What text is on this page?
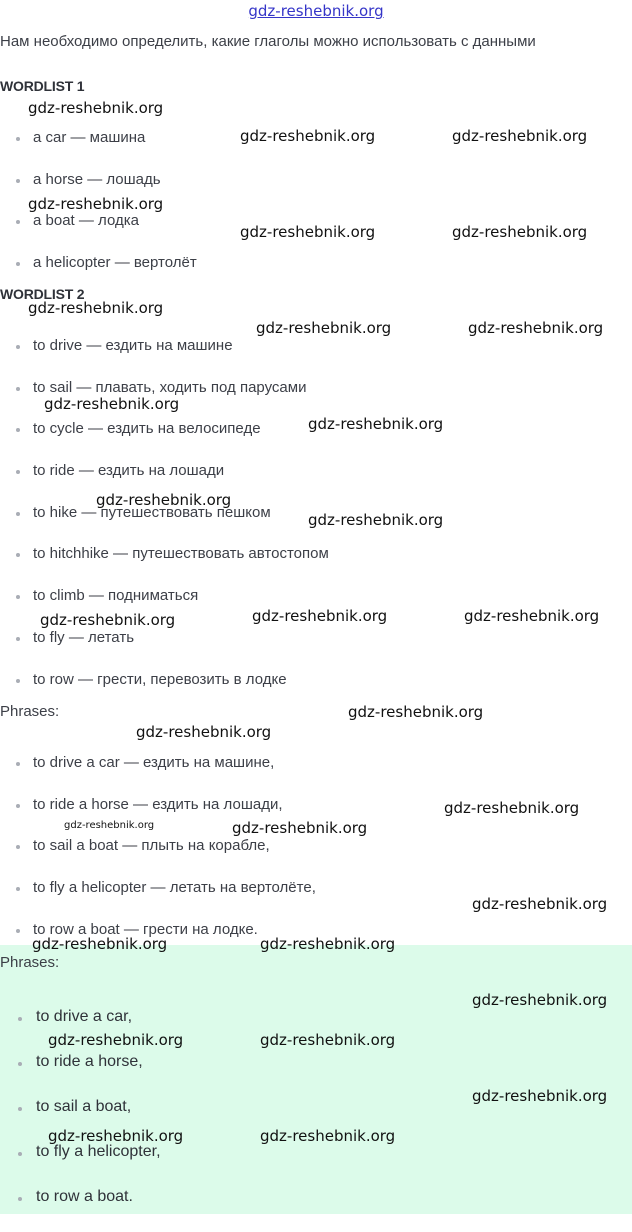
gdz-reshebnik.org
Нам необходимо определить, какие глаголы можно использовать с данными
WORDLIST 1
a car — машина
a horse — лошадь
a boat — лодка
a helicopter — вертолёт
WORDLIST 2
to drive — ездить на машине
to sail — плавать, ходить под парусами
to cycle — ездить на велосипеде
to ride — ездить на лошади
to hike — путешествовать пешком
to hitchhike — путешествовать автостопом
to climb — подниматься
to fly — летать
to row — грести, перевозить в лодке
Phrases:
to drive a car — ездить на машине,
to ride a horse — ездить на лошади,
to sail a boat — плыть на корабле,
to fly a helicopter — летать на вертолёте,
to row a boat — грести на лодке.
Phrases:
to drive a car,
to ride a horse,
to sail a boat,
to fly a helicopter,
to row a boat.
gdz-reshebnik.org
gdz-reshebnik.org	gdz-reshebnik.org
gdz-reshebnik.org
gdz-reshebnik.org	gdz-reshebnik.org
gdz-reshebnik.org
gdz-reshebnik.org	gdz-reshebnik.org
gdz-reshebnik.org
gdz-reshebnik.org
gdz-reshebnik.org
gdz-reshebnik.org
gdz-reshebnik.org	gdz-reshebnik.org	gdz-reshebnik.org
gdz-reshebnik.org
gdz-reshebnik.org
gdz-reshebnik.org
gdz-reshebnik.org	gdz-reshebnik.org
gdz-reshebnik.org
gdz-reshebnik.org	gdz-reshebnik.org
gdz-reshebnik.org
gdz-reshebnik.org	gdz-reshebnik.org
gdz-reshebnik.org
gdz-reshebnik.org	gdz-reshebnik.org
